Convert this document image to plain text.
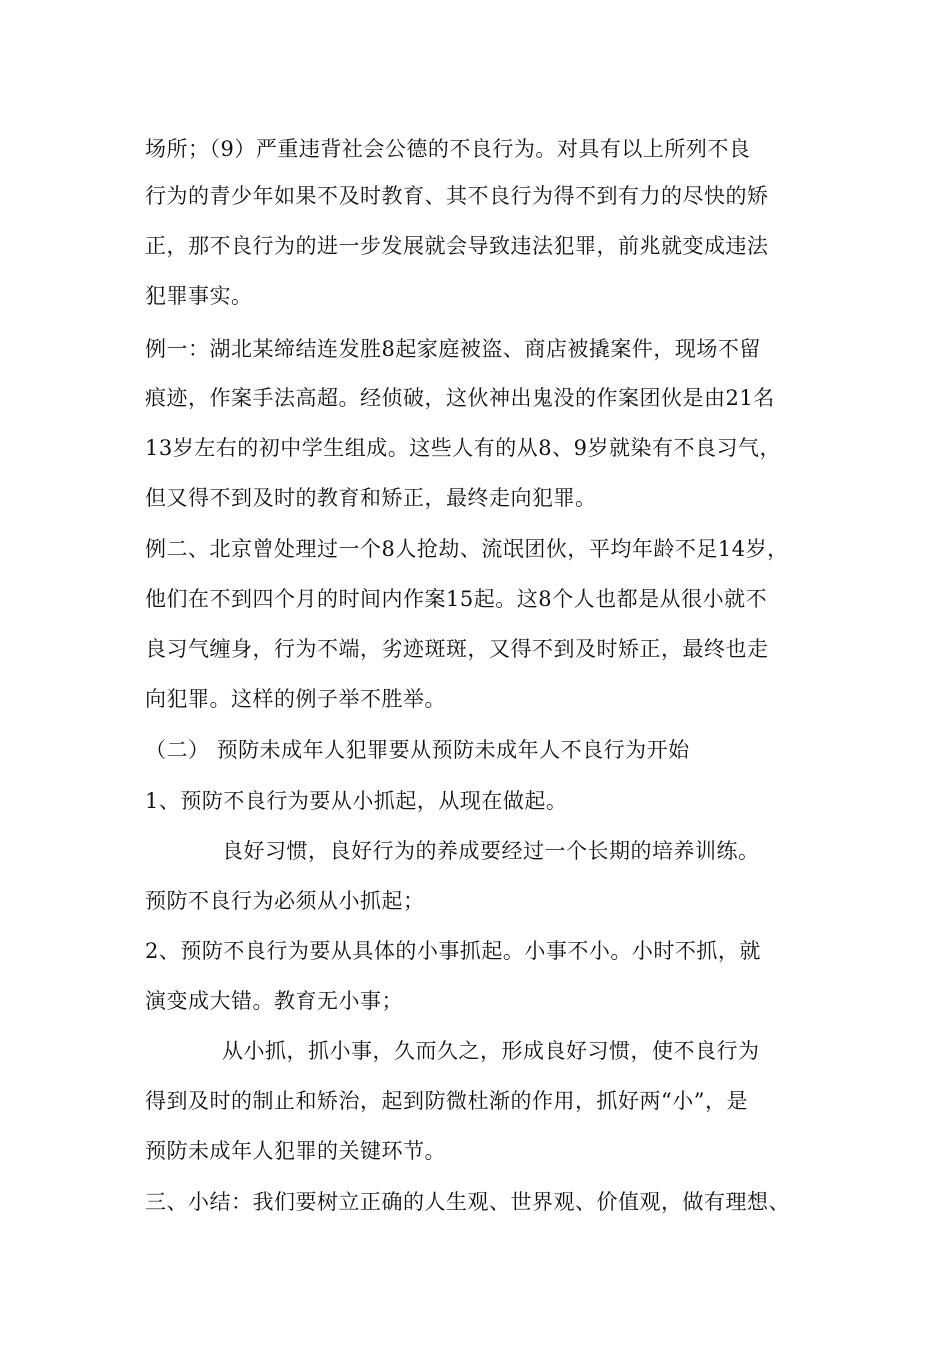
场所；（9）严重违背社会公德的不良行为。对具有以上所列不良
行为的青少年如果不及时教育、其不良行为得不到有力的尽快的矫
正，那不良行为的进一步发展就会导致违法犯罪，前兆就变成违法
犯罪事实。
例一：湖北某缔结连发胜8起家庭被盗、商店被撬案件，现场不留
痕迹，作案手法高超。经侦破，这伙神出鬼没的作案团伙是由21名
13岁左右的初中学生组成。这些人有的从8、9岁就染有不良习气，
但又得不到及时的教育和矫正，最终走向犯罪。
例二、北京曾处理过一个8人抢劫、流氓团伙，平均年龄不足14岁，
他们在不到四个月的时间内作案15起。这8个人也都是从很小就不
良习气缠身，行为不端，劣迹斑斑，又得不到及时矫正，最终也走
向犯罪。这样的例子举不胜举。
（二） 预防未成年人犯罪要从预防未成年人不良行为开始
1、预防不良行为要从小抓起，从现在做起。
良好习惯，良好行为的养成要经过一个长期的培养训练。
预防不良行为必须从小抓起；
2、预防不良行为要从具体的小事抓起。小事不小。小时不抓，就
演变成大错。教育无小事；
从小抓，抓小事，久而久之，形成良好习惯，使不良行为
得到及时的制止和矫治，起到防微杜渐的作用，抓好两“小”，是
预防未成年人犯罪的关键环节。
三、小结：我们要树立正确的人生观、世界观、价值观，做有理想、
